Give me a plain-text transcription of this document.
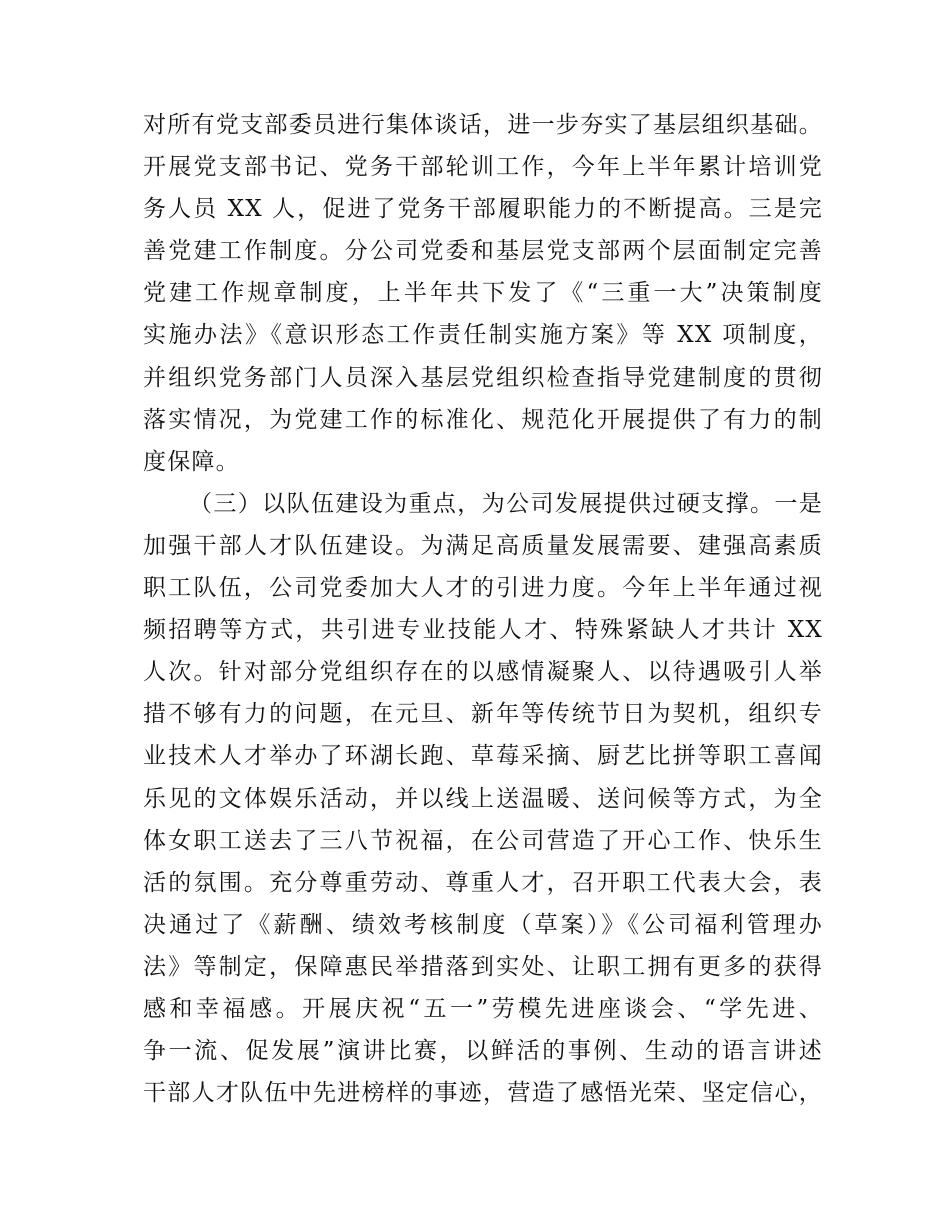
对所有党支部委员进行集体谈话，进一步夯实了基层组织基础。
开展党支部书记、党务干部轮训工作，今年上半年累计培训党
务人员 XX 人，促进了党务干部履职能力的不断提高。三是完
善党建工作制度。分公司党委和基层党支部两个层面制定完善
党建工作规章制度，上半年共下发了《“三重一大”决策制度
实施办法》《意识形态工作责任制实施方案》等 XX 项制度，
并组织党务部门人员深入基层党组织检查指导党建制度的贯彻
落实情况，为党建工作的标准化、规范化开展提供了有力的制
度保障。
（三）以队伍建设为重点，为公司发展提供过硬支撑。一是
加强干部人才队伍建设。为满足高质量发展需要、建强高素质
职工队伍，公司党委加大人才的引进力度。今年上半年通过视
频招聘等方式，共引进专业技能人才、特殊紧缺人才共计 XX
人次。针对部分党组织存在的以感情凝聚人、以待遇吸引人举
措不够有力的问题，在元旦、新年等传统节日为契机，组织专
业技术人才举办了环湖长跑、草莓采摘、厨艺比拼等职工喜闻
乐见的文体娱乐活动，并以线上送温暖、送问候等方式，为全
体女职工送去了三八节祝福，在公司营造了开心工作、快乐生
活的氛围。充分尊重劳动、尊重人才，召开职工代表大会，表
决通过了《薪酬、绩效考核制度（草案）》《公司福利管理办
法》等制定，保障惠民举措落到实处、让职工拥有更多的获得
感和幸福感。开展庆祝“五一”劳模先进座谈会、“学先进、
争一流、促发展”演讲比赛，以鲜活的事例、生动的语言讲述
干部人才队伍中先进榜样的事迹，营造了感悟光荣、坚定信心，
